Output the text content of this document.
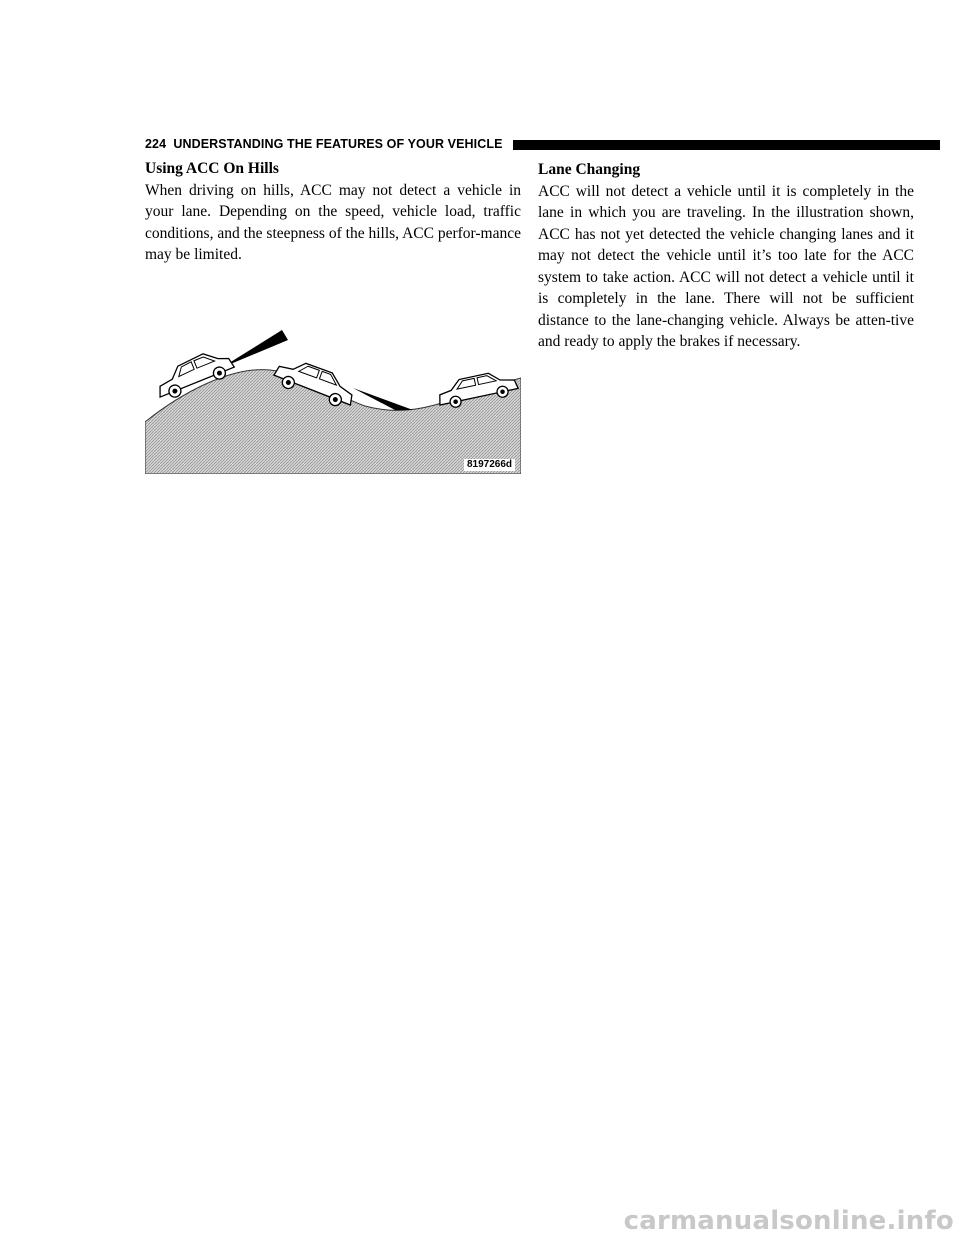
224 UNDERSTANDING THE FEATURES OF YOUR VEHICLE
Using ACC On Hills

When driving on hills, ACC may not detect a vehicle in your lane. Depending on the speed, vehicle load, traffic conditions, and the steepness of the hills, ACC perfor-mance may be limited.

8197266d
Lane Changing

ACC will not detect a vehicle until it is completely in the lane in which you are traveling. In the illustration shown, ACC has not yet detected the vehicle changing lanes and it may not detect the vehicle until it’s too late for the ACC system to take action. ACC will not detect a vehicle until it is completely in the lane. There will not be sufficient distance to the lane-changing vehicle. Always be atten-tive and ready to apply the brakes if necessary.

carmanualsonline.info
